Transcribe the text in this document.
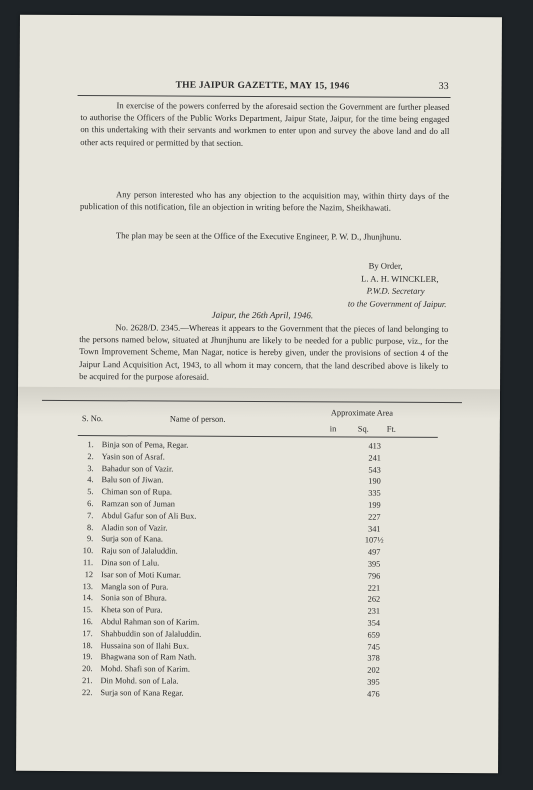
THE JAIPUR GAZETTE, MAY 15, 1946	33

In exercise of the powers conferred by the aforesaid section the Government are further pleased to authorise the Officers of the Public Works Department, Jaipur State, Jaipur, for the time being engaged on this undertaking with their servants and workmen to enter upon and survey the above land and do all other acts required or permitted by that section.

Any person interested who has any objection to the acquisition may, within thirty days of the publication of this notification, file an objection in writing before the Nazim, Sheikhawati.

The plan may be seen at the Office of the Executive Engineer, P. W. D., Jhunjhunu.

By Order,
L. A. H. WINCKLER,
P.W.D. Secretary
to the Government of Jaipur.
Jaipur, the 26th April, 1946.

No. 2628/D. 2345.—Whereas it appears to the Government that the pieces of land belonging to the persons named below, situated at Jhunjhunu are likely to be needed for a public purpose, viz., for the Town Improvement Scheme, Man Nagar, notice is hereby given, under the provisions of section 4 of the Jaipur Land Acquisition Act, 1943, to all whom it may concern, that the land described above is likely to be acquired for the purpose aforesaid.

S. No.	Name of person.
Approximate Area
in	Sq. Ft.
1. Binja son of Pema, Regar.	413
2. Yasin son of Asraf.	241
3. Bahadur son of Vazir.	543
4. Balu son of Jiwan.	190
5. Chiman son of Rupa.	335
6. Ramzan son of Juman	199
7. Abdul Gafur son of Ali Bux.	227
8. Aladin son of Vazir.	341
9. Surja son of Kana.	107½
10. Raju son of Jalaluddin.	497
11. Dina son of Lalu.	395
12 Isar son of Moti Kumar.	796
13. Mangla son of Pura.	221
14. Sonia son of Bhura.	262
15. Kheta son of Pura.	231
16. Abdul Rahman son of Karim.	354
17. Shahbuddin son of Jalaluddin.	659
18. Hussaina son of Ilahi Bux.	745
19. Bhagwana son of Ram Nath.	378
20. Mohd. Shafi son of Karim.	202
21. Din Mohd. son of Lala.	395
22. Surja son of Kana Regar.	476
